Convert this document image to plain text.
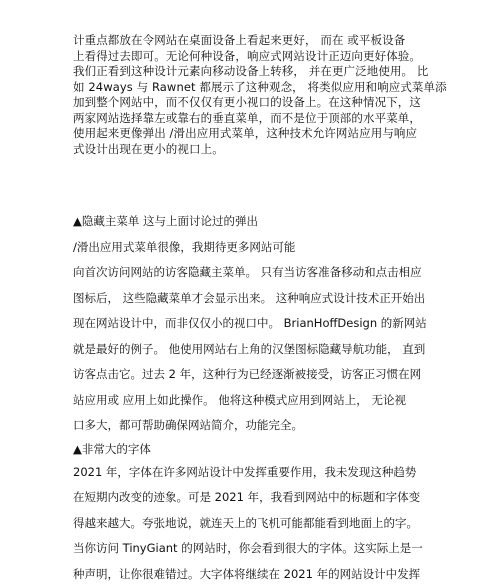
计重点都放在令网站在桌面设备上看起来更好， 而在 或平板设备
上看得过去即可。无论何种设备，响应式网站设计正迈向更好体验。
我们正看到这种设计元素向移动设备上转移， 并在更广泛地使用。 比
如 24ways 与 Rawnet 都展示了这种观念， 将类似应用和响应式菜单添
加到整个网站中，而不仅仅有更小视口的设备上。在这种情况下，这
两家网站选择靠左或靠右的垂直菜单，而不是位于顶部的水平菜单，
使用起来更像弹出 /滑出应用式菜单，这种技术允许网站应用与响应
式设计出现在更小的视口上。
▲隐藏主菜单 这与上面讨论过的弹出
/滑出应用式菜单很像，我期待更多网站可能
向首次访问网站的访客隐藏主菜单。 只有当访客准备移动和点击相应
图标后， 这些隐藏菜单才会显示出来。 这种响应式设计技术正开始出
现在网站设计中，而非仅仅小的视口中。 BrianHoffDesign 的新网站
就是最好的例子。 他使用网站右上角的汉堡图标隐藏导航功能， 直到
访客点击它。过去 2 年，这种行为已经逐渐被接受，访客正习惯在网
站应用或 应用上如此操作。 他将这种模式应用到网站上， 无论视
口多大，都可帮助确保网站简介，功能完全。
▲非常大的字体
2021 年，字体在许多网站设计中发挥重要作用，我未发现这种趋势
在短期内改变的迹象。可是 2021 年，我看到网站中的标题和字体变
得越来越大。夸张地说，就连天上的飞机可能都能看到地面上的字。
当你访问 TinyGiant 的网站时，你会看到很大的字体。这实际上是一
种声明，让你很难错过。大字体将继续在 2021 年的网站设计中发挥
